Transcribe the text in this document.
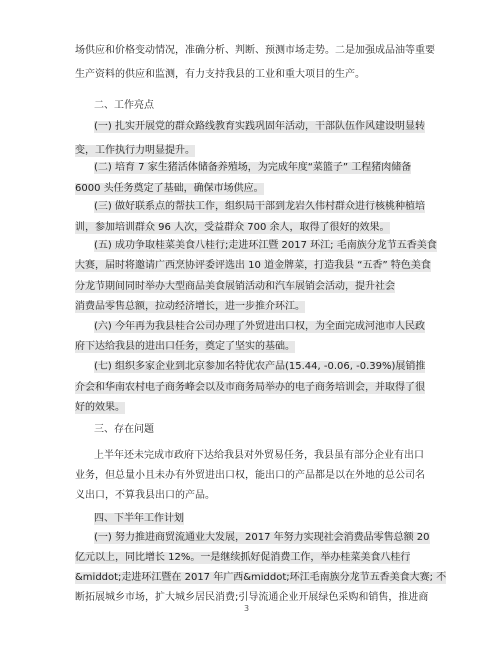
场供应和价格变动情况，准确分析、判断、预测市场走势。二是加强成品油等重要
生产资料的供应和监测，有力支持我县的工业和重大项目的生产。
二、工作亮点
(一) 扎实开展党的群众路线教育实践巩固年活动，干部队伍作风建设明显转
变，工作执行力明显提升。
(二) 培育 7 家生猪活体储备养殖场，为完成年度“菜篮子” 工程猪肉储备
6000 头任务奠定了基础，确保市场供应。
(三) 做好联系点的帮扶工作，组织局干部到龙岩久伟村群众进行核桃种植培
训，参加培训群众 96 人次，受益群众 700 余人，取得了很好的效果。
(五) 成功争取桂菜美食八桂行;走进环江暨 2017 环江; 毛南族分龙节五香美食
大赛，届时将邀请广西烹协评委评选出 10 道金牌菜，打造我县 “五香” 特色美食
分龙节期间同时举办大型商品美食展销活动和汽车展销会活动，提升社会
消费品零售总额，拉动经济增长，进一步推介环江。
(六) 今年再为我县桂合公司办理了外贸进出口权，为全面完成河池市人民政
府下达给我县的进出口任务，奠定了坚实的基础。
(七) 组织多家企业到北京参加名特优农产品(15.44, -0.06, -0.39%)展销推
介会和华南农村电子商务峰会以及市商务局举办的电子商务培训会，并取得了很
好的效果。
三、存在问题
上半年还未完成市政府下达给我县对外贸易任务，我县虽有部分企业有出口
业务，但总量小且未办有外贸进出口权，能出口的产品都是以在外地的总公司名
义出口，不算我县出口的产品。
四、下半年工作计划
(一) 努力推进商贸流通业大发展，2017 年努力实现社会消费品零售总额 20
亿元以上，同比增长 12%。一是继续抓好促消费工作，举办桂菜美食八桂行
&middot;走进环江暨在 2017 年广西&middot;环江毛南族分龙节五香美食大赛; 不
断拓展城乡市场，扩大城乡居民消费;引导流通企业开展绿色采购和销售，推进商
3
